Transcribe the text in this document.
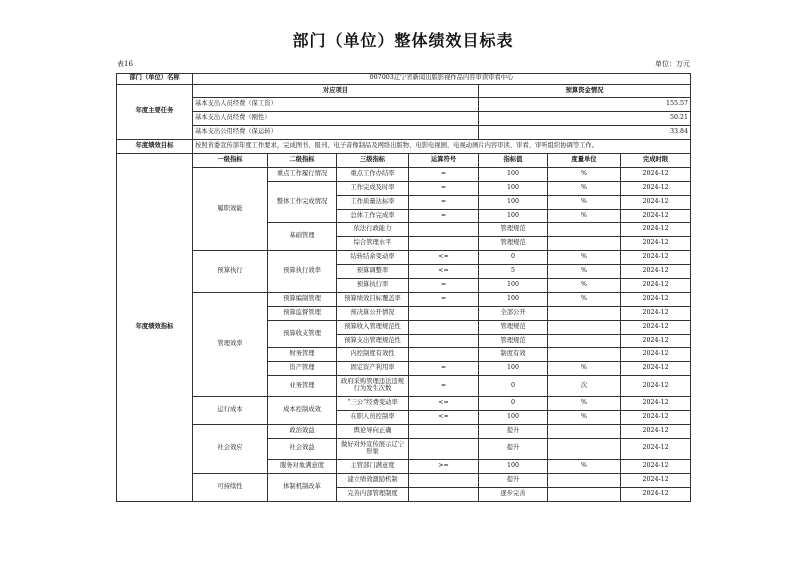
部门（单位）整体绩效目标表
表16	单位：万元
部门（单位）名称	007003辽宁省新闻出版影视作品内容审读审看中心						
年度主要任务	对应项目				预算资金情况		
	基本支出人员经费（保工资）				155.57		
	基本支出人员经费（刚性）				50.21		
	基本支出公用经费（保运转）				33.84		
年度绩效目标	按照省委宣传部年度工作要求，完成图书、报刊、电子音像制品及网络出版物、电影电视剧、电视动画片内容审读、审看、审听组织协调等工作。						
年度绩效指标	一级指标	二级指标	三级指标	运算符号	指标值	度量单位	完成时限
	履职效能	重点工作履行情况	重点工作办结率	=	100	%	2024-12
		整体工作完成情况	工作完成及时率	=	100	%	2024-12
			工作质量达标率	=	100	%	2024-12
			总体工作完成率	=	100	%	2024-12
		基础管理	依法行政能力		管理规范		2024-12
			综合管理水平		管理规范		2024-12
	预算执行	预算执行效率	结转结余变动率	<=	0	%	2024-12
			预算调整率	<=	5	%	2024-12
			预算执行率	=	100	%	2024-12
	管理效率	预算编制管理	预算绩效目标覆盖率	=	100	%	2024-12
		预算监督管理	预决算公开情况		全部公开		2024-12
		预算收支管理	预算收入管理规范性		管理规范		2024-12
			预算支出管理规范性		管理规范		2024-12
		财务管理	内控制度有效性		制度有效		2024-12
		资产管理	固定资产利用率	=	100	%	2024-12
		业务管理	政府采购管理违法违规行为发生次数	=	0	次	2024-12
	运行成本	成本控制成效	“三公”经费变动率	<=	0	%	2024-12
			在职人员控制率	<=	100	%	2024-12
	社会效应	政治效益	舆论导向正确		提升		2024-12
		社会效益	做好对外宣传展示辽宁形象		提升		2024-12
		服务对象满意度	主管部门满意度	>=	100	%	2024-12
	可持续性	体制机制改革	建立绩效激励机制		提升		2024-12
			完善内部管理制度		逐步完善		2024-12
